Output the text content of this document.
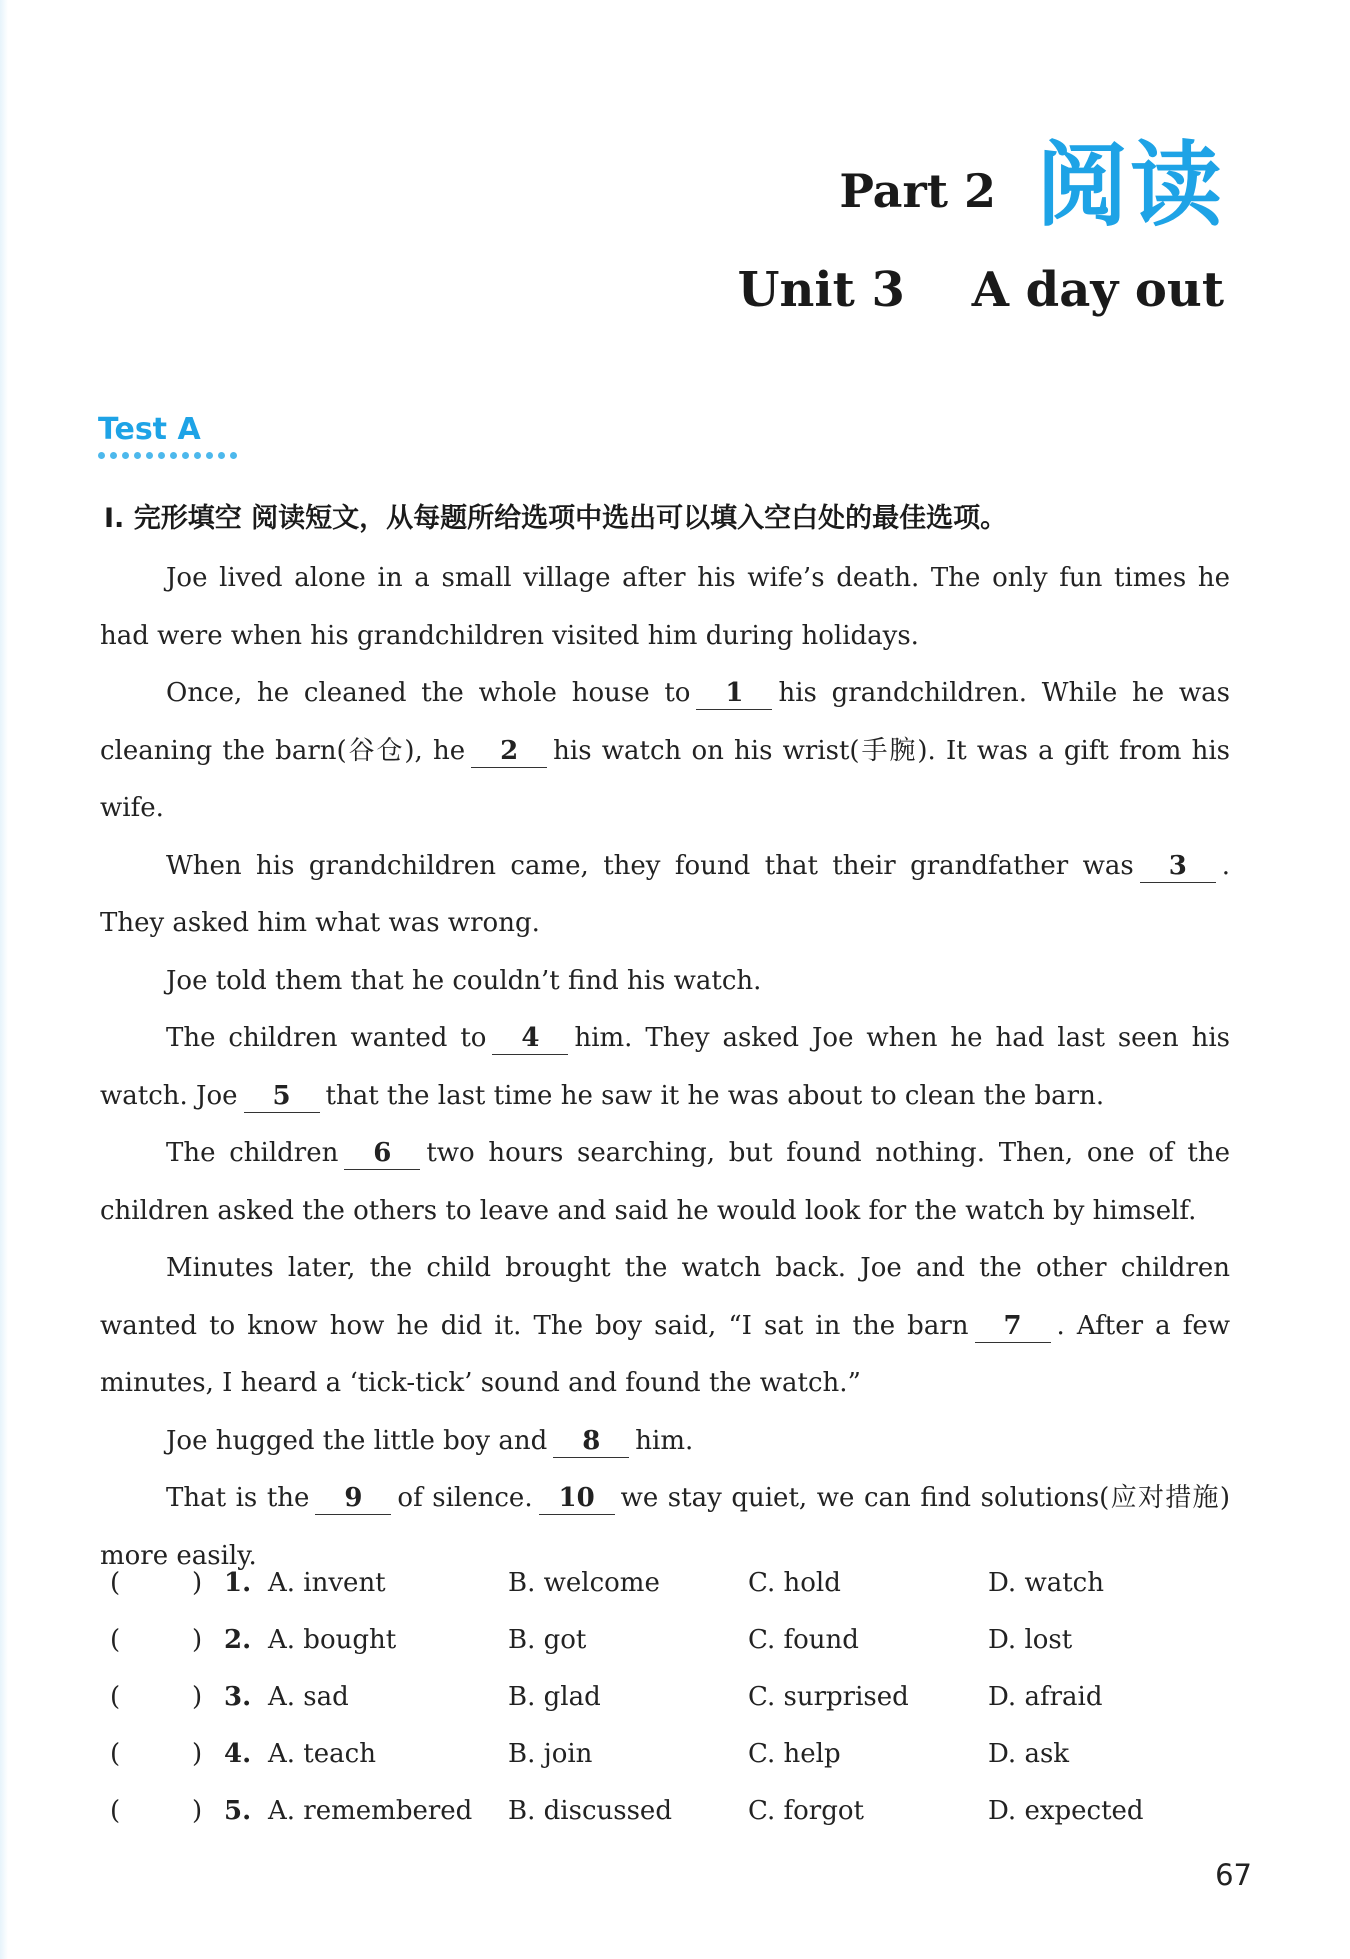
Part 2 阅读
Unit 3    A day out
Test A
Ⅰ. 完形填空 阅读短文，从每题所给选项中选出可以填入空白处的最佳选项。

Joe lived alone in a small village after his wife’s death. The only fun times he had were when his grandchildren visited him during holidays.

Once, he cleaned the whole house to 1 his grandchildren. While he was cleaning the barn(谷仓), he 2 his watch on his wrist(手腕). It was a gift from his wife.

When his grandchildren came, they found that their grandfather was 3 . They asked him what was wrong.

Joe told them that he couldn’t find his watch.

The children wanted to 4 him. They asked Joe when he had last seen his watch. Joe 5 that the last time he saw it he was about to clean the barn.

The children 6 two hours searching, but found nothing. Then, one of the children asked the others to leave and said he would look for the watch by himself.

Minutes later, the child brought the watch back. Joe and the other children wanted to know how he did it. The boy said, “I sat in the barn 7 . After a few minutes, I heard a ‘tick-tick’ sound and found the watch.”

Joe hugged the little boy and 8 him.

That is the 9 of silence. 10 we stay quiet, we can find solutions(应对措施) more easily.

(	) 1. A. invent	B. welcome	C. hold	D. watch
(	) 2. A. bought	B. got	C. found	D. lost
(	) 3. A. sad	B. glad	C. surprised	D. afraid
(	) 4. A. teach	B. join	C. help	D. ask
(	) 5. A. remembered B. discussed	C. forgot	D. expected
67
